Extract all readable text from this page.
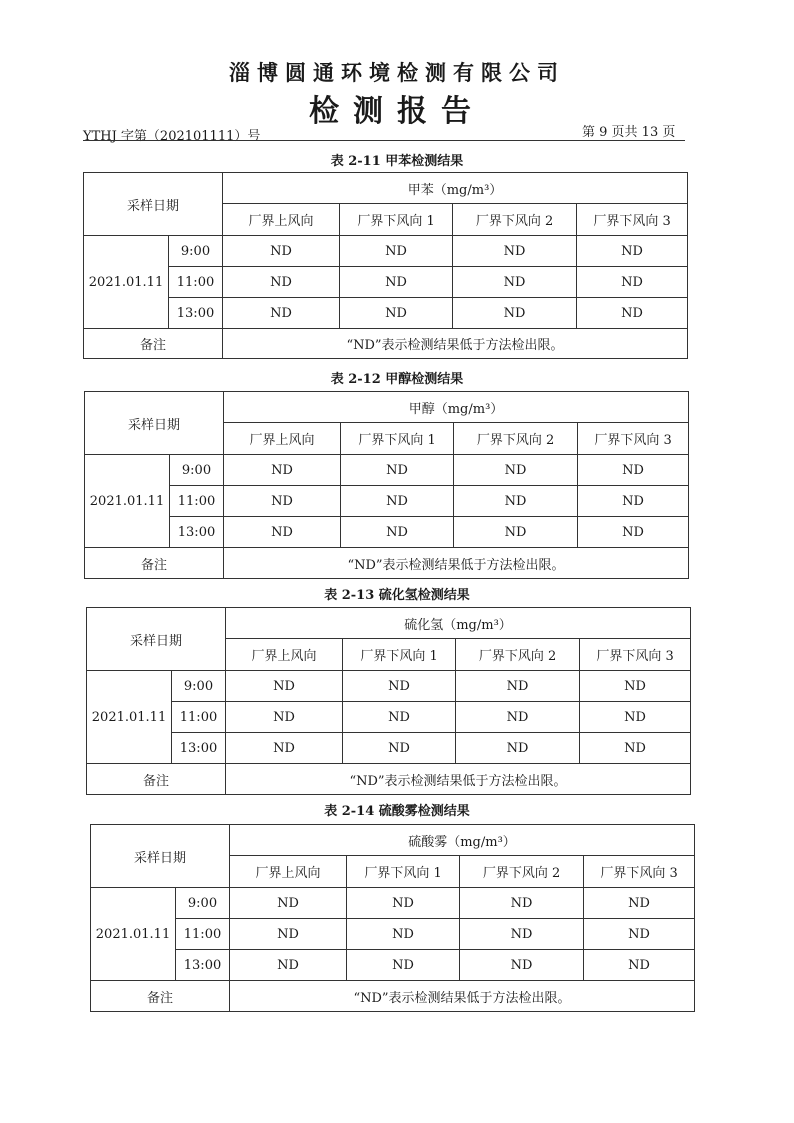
淄博圆通环境检测有限公司
检测报告
YTHJ 字第（202101111）号	第 9 页共 13 页
表 2-11 甲苯检测结果
采样日期		甲苯（mg/m³）			
		厂界上风向	厂界下风向 1	厂界下风向 2	厂界下风向 3
2021.01.11	9:00	ND	ND	ND	ND
	11:00	ND	ND	ND	ND
	13:00	ND	ND	ND	ND
备注		“ND”表示检测结果低于方法检出限。			
表 2-12 甲醇检测结果
采样日期		甲醇（mg/m³）			
		厂界上风向	厂界下风向 1	厂界下风向 2	厂界下风向 3
2021.01.11	9:00	ND	ND	ND	ND
	11:00	ND	ND	ND	ND
	13:00	ND	ND	ND	ND
备注		“ND”表示检测结果低于方法检出限。			
表 2-13 硫化氢检测结果
采样日期		硫化氢（mg/m³）			
		厂界上风向	厂界下风向 1	厂界下风向 2	厂界下风向 3
2021.01.11	9:00	ND	ND	ND	ND
	11:00	ND	ND	ND	ND
	13:00	ND	ND	ND	ND
备注		“ND”表示检测结果低于方法检出限。			
表 2-14 硫酸雾检测结果
采样日期		硫酸雾（mg/m³）			
		厂界上风向	厂界下风向 1	厂界下风向 2	厂界下风向 3
2021.01.11	9:00	ND	ND	ND	ND
	11:00	ND	ND	ND	ND
	13:00	ND	ND	ND	ND
备注		“ND”表示检测结果低于方法检出限。			
